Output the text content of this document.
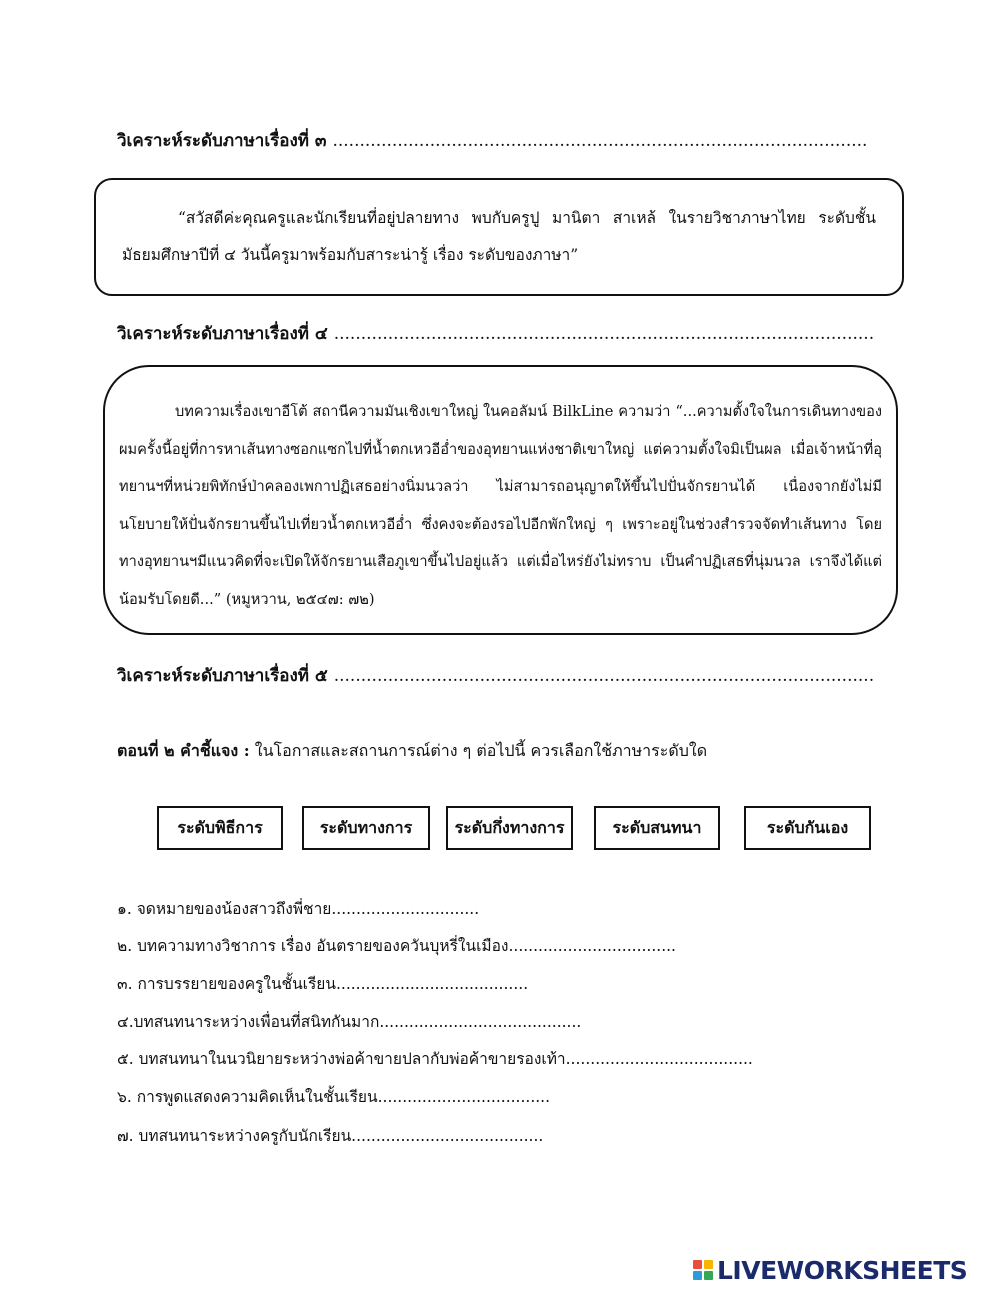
วิเคราะห์ระดับภาษาเรื่องที่ ๓ ...................................................................................................
“สวัสดีค่ะคุณครูและนักเรียนที่อยู่ปลายทาง พบกับครูปู มานิตา สาเหล้ ในรายวิชาภาษาไทย ระดับชั้นมัธยมศึกษาปีที่ ๔ วันนี้ครูมาพร้อมกับสาระน่ารู้ เรื่อง ระดับของภาษา”
วิเคราะห์ระดับภาษาเรื่องที่ ๔ ....................................................................................................
บทความเรื่องเขาอีโต้ สถานีความมันเชิงเขาใหญ่ ในคอลัมน์ BilkLine ความว่า “...ความตั้งใจในการเดินทางของผมครั้งนี้อยู่ที่การหาเส้นทางซอกแซกไปที่น้ำตกเหวอีอ่ำของอุทยานแห่งชาติเขาใหญ่ แต่ความตั้งใจมิเป็นผล เมื่อเจ้าหน้าที่อุทยานฯที่หน่วยพิทักษ์ป่าคลองเพกาปฏิเสธอย่างนิ่มนวลว่า ไม่สามารถอนุญาตให้ขึ้นไปปั่นจักรยานได้ เนื่องจากยังไม่มีนโยบายให้ปั่นจักรยานขึ้นไปเที่ยวน้ำตกเหวอีอ่ำ ซึ่งคงจะต้องรอไปอีกพักใหญ่ ๆ เพราะอยู่ในช่วงสำรวจจัดทำเส้นทาง โดยทางอุทยานฯมีแนวคิดที่จะเปิดให้จักรยานเสือภูเขาขึ้นไปอยู่แล้ว แต่เมื่อไหร่ยังไม่ทราบ เป็นคำปฏิเสธที่นุ่มนวล เราจึงได้แต่น้อมรับโดยดี...” (หมูหวาน, ๒๕๔๗: ๗๒)
วิเคราะห์ระดับภาษาเรื่องที่ ๕ ....................................................................................................
ตอนที่ ๒ คำชี้แจง : ในโอกาสและสถานการณ์ต่าง ๆ ต่อไปนี้ ควรเลือกใช้ภาษาระดับใด
ระดับพิธีการ	ระดับทางการ	ระดับกึ่งทางการ	ระดับสนทนา	ระดับกันเอง
๑. จดหมายของน้องสาวถึงพี่ชาย..............................
๒. บทความทางวิชาการ เรื่อง อันตรายของควันบุหรี่ในเมือง..................................
๓. การบรรยายของครูในชั้นเรียน.......................................
๔.บทสนทนาระหว่างเพื่อนที่สนิทกันมาก.........................................
๕. บทสนทนาในนวนิยายระหว่างพ่อค้าขายปลากับพ่อค้าขายรองเท้า......................................
๖. การพูดแสดงความคิดเห็นในชั้นเรียน...................................
๗. บทสนทนาระหว่างครูกับนักเรียน.......................................
LIVEWORKSHEETS
